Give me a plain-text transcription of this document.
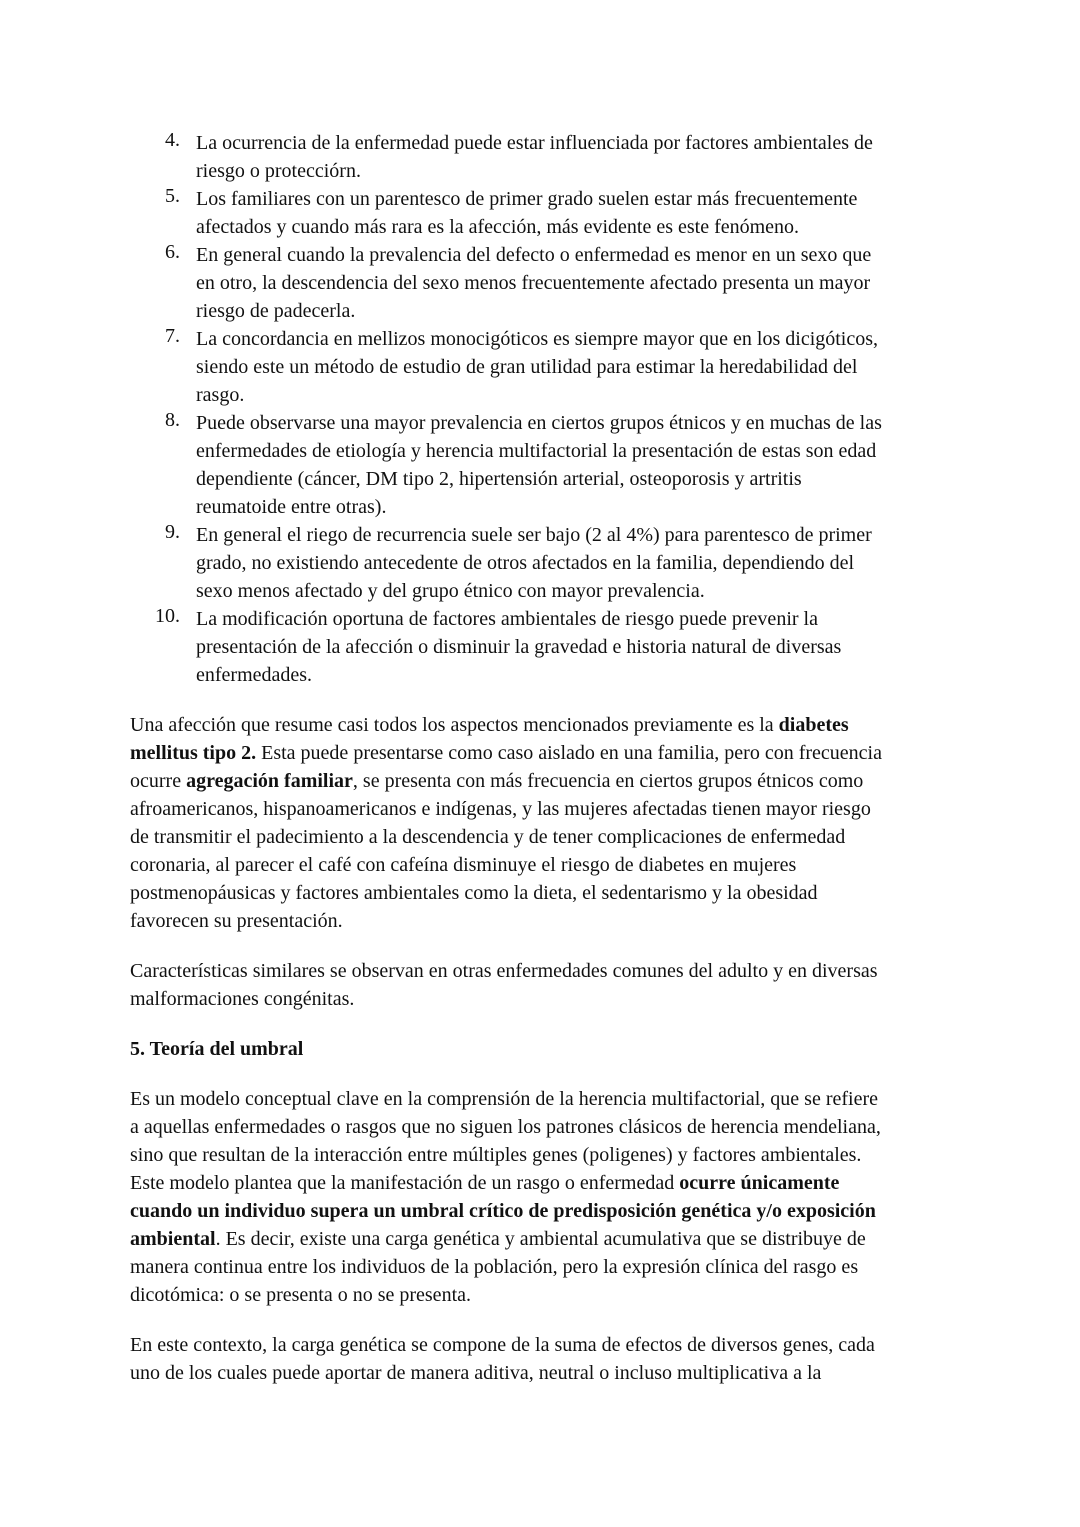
4. La ocurrencia de la enfermedad puede estar influenciada por factores ambientales de
riesgo o protecciórn.
5. Los familiares con un parentesco de primer grado suelen estar más frecuentemente
afectados y cuando más rara es la afección, más evidente es este fenómeno.
6. En general cuando la prevalencia del defecto o enfermedad es menor en un sexo que
en otro, la descendencia del sexo menos frecuentemente afectado presenta un mayor
riesgo de padecerla.
7. La concordancia en mellizos monocigóticos es siempre mayor que en los dicigóticos,
siendo este un método de estudio de gran utilidad para estimar la heredabilidad del
rasgo.
8. Puede observarse una mayor prevalencia en ciertos grupos étnicos y en muchas de las
enfermedades de etiología y herencia multifactorial la presentación de estas son edad
dependiente (cáncer, DM tipo 2, hipertensión arterial, osteoporosis y artritis
reumatoide entre otras).
9. En general el riego de recurrencia suele ser bajo (2 al 4%) para parentesco de primer
grado, no existiendo antecedente de otros afectados en la familia, dependiendo del
sexo menos afectado y del grupo étnico con mayor prevalencia.
10. La modificación oportuna de factores ambientales de riesgo puede prevenir la
presentación de la afección o disminuir la gravedad e historia natural de diversas
enfermedades.
Una afección que resume casi todos los aspectos mencionados previamente es la diabetes
mellitus tipo 2. Esta puede presentarse como caso aislado en una familia, pero con frecuencia
ocurre agregación familiar, se presenta con más frecuencia en ciertos grupos étnicos como
afroamericanos, hispanoamericanos e indígenas, y las mujeres afectadas tienen mayor riesgo
de transmitir el padecimiento a la descendencia y de tener complicaciones de enfermedad
coronaria, al parecer el café con cafeína disminuye el riesgo de diabetes en mujeres
postmenopáusicas y factores ambientales como la dieta, el sedentarismo y la obesidad
favorecen su presentación.
Características similares se observan en otras enfermedades comunes del adulto y en diversas
malformaciones congénitas.
5. Teoría del umbral
Es un modelo conceptual clave en la comprensión de la herencia multifactorial, que se refiere
a aquellas enfermedades o rasgos que no siguen los patrones clásicos de herencia mendeliana,
sino que resultan de la interacción entre múltiples genes (poligenes) y factores ambientales.
Este modelo plantea que la manifestación de un rasgo o enfermedad ocurre únicamente
cuando un individuo supera un umbral crítico de predisposición genética y/o exposición
ambiental. Es decir, existe una carga genética y ambiental acumulativa que se distribuye de
manera continua entre los individuos de la población, pero la expresión clínica del rasgo es
dicotómica: o se presenta o no se presenta.
En este contexto, la carga genética se compone de la suma de efectos de diversos genes, cada
uno de los cuales puede aportar de manera aditiva, neutral o incluso multiplicativa a la
